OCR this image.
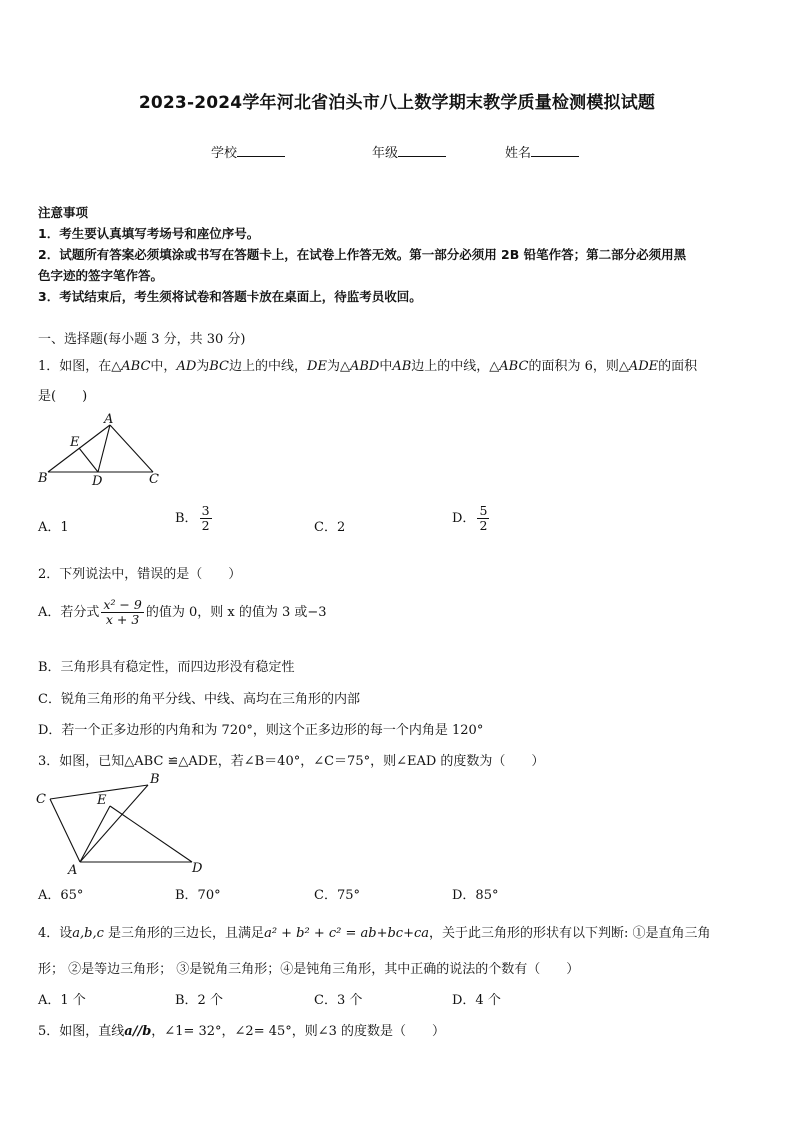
2023-2024学年河北省泊头市八上数学期末教学质量检测模拟试题
学校	年级	姓名
注意事项
1．考生要认真填写考场号和座位序号。
2．试题所有答案必须填涂或书写在答题卡上，在试卷上作答无效。第一部分必须用 2B 铅笔作答；第二部分必须用黑
色字迹的签字笔作答。
3．考试结束后，考生须将试卷和答题卡放在桌面上，待监考员收回。
一、选择题(每小题 3 分，共 30 分)
1．如图，在△ABC中，AD为BC边上的中线，DE为△ABD中AB边上的中线，△ABC的面积为 6，则△ADE的面积
是(　　)
A
E
B	D	C
A．1
B． $\frac{3}{2}$	C．2
D． $\frac{5}{2}$
2．下列说法中，错误的是（　　）
A．若分式 $\frac{\text{x² − 9}}{x + 3}$ 的值为 0，则 x 的值为 3 或−3
B．三角形具有稳定性，而四边形没有稳定性
C．锐角三角形的角平分线、中线、高均在三角形的内部
D．若一个正多边形的内角和为 720°，则这个正多边形的每一个内角是 120°
3．如图，已知△ABC ≌△ADE，若∠B＝40°，∠C＝75°，则∠EAD 的度数为（　　）
C
B
E
A	D
A．65°	B．70°	C．75°	D．85°
4．设a,b,c 是三角形的三边长，且满足a² + b² + c² = ab+bc+ca，关于此三角形的形状有以下判断: ①是直角三角
形； ②是等边三角形； ③是锐角三角形；④是钝角三角形，其中正确的说法的个数有（　　）
A．1 个	B．2 个	C．3 个	D．4 个
5．如图，直线a//b，∠1= 32°，∠2= 45°，则∠3 的度数是（　　）
